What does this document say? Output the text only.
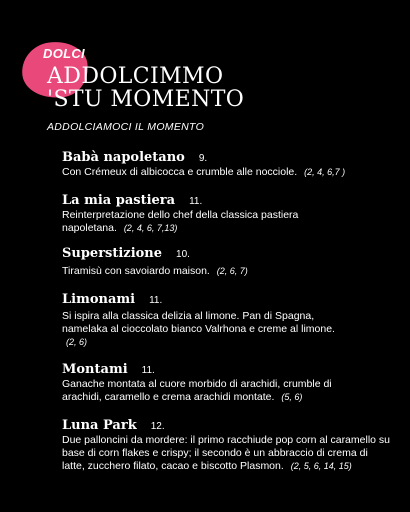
DOLCI
ADDOLCIMMO
'STU MOMENTO
ADDOLCIAMOCI IL MOMENTO
Babà napoletano 9.
Con Crémeux di albicocca e crumble alle nocciole. (2, 4, 6,7 )
La mia pastiera 11.
Reinterpretazione dello chef della classica pastiera napoletana. (2, 4, 6, 7,13)
Superstizione 10.
Tiramisù con savoiardo maison. (2, 6, 7)
Limonami 11.
Si ispira alla classica delizia al limone. Pan di Spagna, namelaka al cioccolato bianco Valrhona e creme al limone. (2, 6)
Montami 11.
Ganache montata al cuore morbido di arachidi, crumble di arachidi, caramello e crema arachidi montate. (5, 6)
Luna Park 12.
Due palloncini da mordere: il primo racchiude pop corn al caramello su base di corn flakes e crispy; il secondo è un abbraccio di crema di latte, zucchero filato, cacao e biscotto Plasmon. (2, 5, 6, 14, 15)
